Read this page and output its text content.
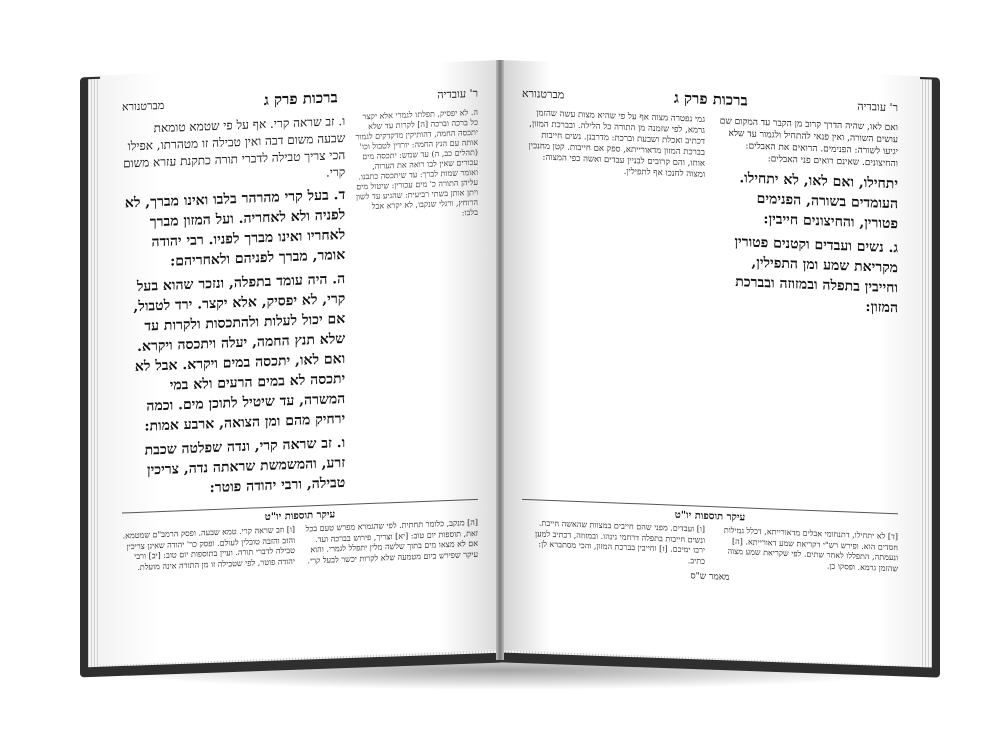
ר' עובדיה
ברכות פרק ג
מברטנורא

ה. לא יפסיק, תפלתו לגמרי אלא יקצר כל ברכה וברכה [ה] לקרות עד שלא יתכסה החמה, דהותיקין מדקדקים לגמור אותה עם הנץ החמה: יורדין לטבול וכו' (תהלים כב, ה) עד שמש: יתכסה מים עכורים שאין לבו רואה את הערוה, ואומר שמות לברך: עד שיתכסה כתבנו. עליהן התורה כ' מים עכורין: שיטול מים ויתן אותן בשתי רביעית: שהגיע עד לשון הרוחץ, ורגלי שנקבו, לא יקרא אבל בלבו:

ו. זב שראה קרי. אף על פי שטמא טומאת שבעה משום דבה ואין טבילה זו מטהרתו, אפילו הכי צריך טבילה לדברי תורה כתקנת עזרא משום קרי.

ד. בעל קרי מהרהר בלבו ואינו מברך, לא לפניה ולא לאחריה. ועל המזון מברך לאחריו ואינו מברך לפניו. רבי יהודה אומר, מברך לפניהם ולאחריהם:

ה. היה עומד בתפלה, ונזכר שהוא בעל קרי, לא יפסיק, אלא יקצר. ירד לטבול, אם יכול לעלות ולהתכסות ולקרות עד שלא תנץ החמה, יעלה ויתכסה ויקרא. ואם לאו, יתכסה במים ויקרא. אבל לא יתכסה לא במים הרעים ולא במי המשרה, עד שיטיל לתוכן מים. וכמה ירחיק מהם ומן הצואה, ארבע אמות:

ו. זב שראה קרי, ונדה שפלטה שכבת זרע, והמשמשת שראתה נדה, צריכין טבילה, ורבי יהודה פוטר:

עיקר תוספות יו"ט
[ה] מנקב, כלומר תחתית. לפי שהגמרא מפרש טעם בכל זאת, תוספות יום טוב: [יא] וצריך, פירוש בברכה ועד. אם לא מצאו מים בתוך שלשה מלין יתפלל לגמרי. והוא עיקר שפירש ביום מטמעה שלא לקרות יכשר לבעל קרי.
[ו] וזב שראה קרי. טמא שבעה. ופסק הרמב"ם שמטמא. והזב והזבה טובלין לעולם. ופסק כר' יהודה שאינן צריכין טבילה לדברי תורה. ועיין בתוספות יום טוב: [יב] ורבי יהודה פוטר, לפי שטבילה זו מן התורה אינה מועלת.
ר' עובדיה
ברכות פרק ג
מברטנורא

ואם לאו, שהיה הדרך קרוב מן הקבר עד המקום שם עושים השורה, ואין פנאי להתחיל ולגמור עד שלא יגיעו לשורה: הפנימים. הרואים את האבלים: והחיצונים. שאינם רואים פני האבלים:

יתחילו, ואם לאו, לא יתחילו. העומדים בשורה, הפנימים פטורין, והחיצונים חייבין:

ג. נשים ועבדים וקטנים פטורין מקריאת שמע ומן התפילין, וחייבין בתפלה ובמזוזה ובברכת המזון:

גמי נפטרה מצוה אף על פי שהיא מצות עשה שהזמן גרמא, לפי שזמנה מן התורה כל הלילה. ובברכת המזון, דכתיב ואכלת ושבעת וברכת: מדרבנן. נשים חייבות בברכת המזון מדאורייתא, ספק אם חייבות. קטן מחנכין אותו, והם קרובים לבניין עבדים ואשה כפי המצוה: ומצוה לחנכו אף לתפילין.

עיקר תוספות יו"ט
[ד] לא יתחילו, דתנחומי אבלים מדאורייתא, דכלל גמילות חסדים הוא. ופירש רש"י דקריאת שמע דאורייתא. [ה] ונעמתה, התפללו לאחר שתים. לפי שקריאת שמע מצוה שהזמן גרמא. ופסקו כן.
[ו] ועבדים. מפני שהם חייבים במצוות שהאשה חייבת. ונשים חייבות בתפלה דרחמי נינהו. ובמזוזה, דכתיב למען ירבו ימיכם. [ז] וחייבין בברכת המזון, והכי מסתברא לן: כתיב.
מאמר ש"ס
